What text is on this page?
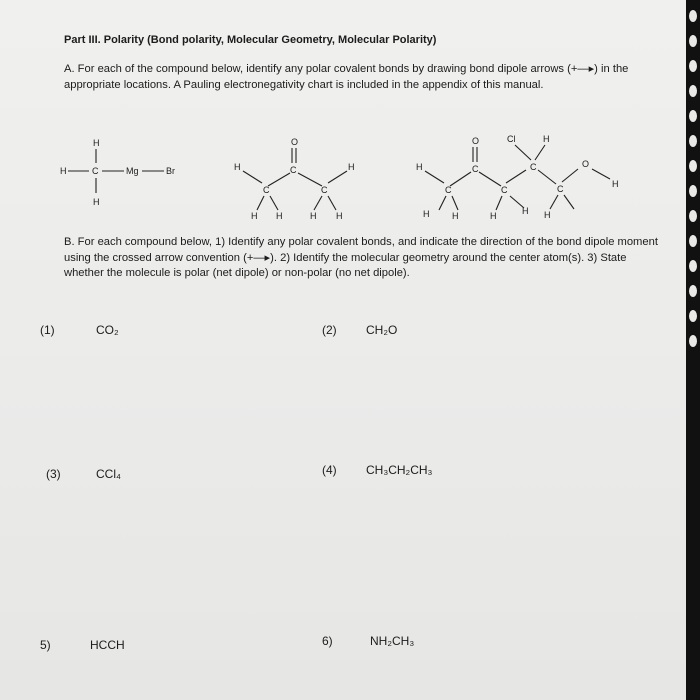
Part III. Polarity (Bond polarity, Molecular Geometry, Molecular Polarity)
A. For each of the compound below, identify any polar covalent bonds by drawing bond dipole arrows (+—▸) in the appropriate locations. A Pauling electronegativity chart is included in the appendix of this manual.
H
H	C	Mg	Br
H
O
C
H	H
C	C
H H	H H
O	Cl	H
H	C
C	C
C
C
O
H
H	H	H	H H
B. For each compound below, 1) Identify any polar covalent bonds, and indicate the direction of the bond dipole moment using the crossed arrow convention (+—▸). 2) Identify the molecular geometry around the center atom(s). 3) State whether the molecule is polar (net dipole) or non-polar (no net dipole).
(1)	CO₂	(2) CH₂O
(3)	CCl₄	(4) CH₃CH₂CH₃
5)	HCCH	6)	NH₂CH₃
